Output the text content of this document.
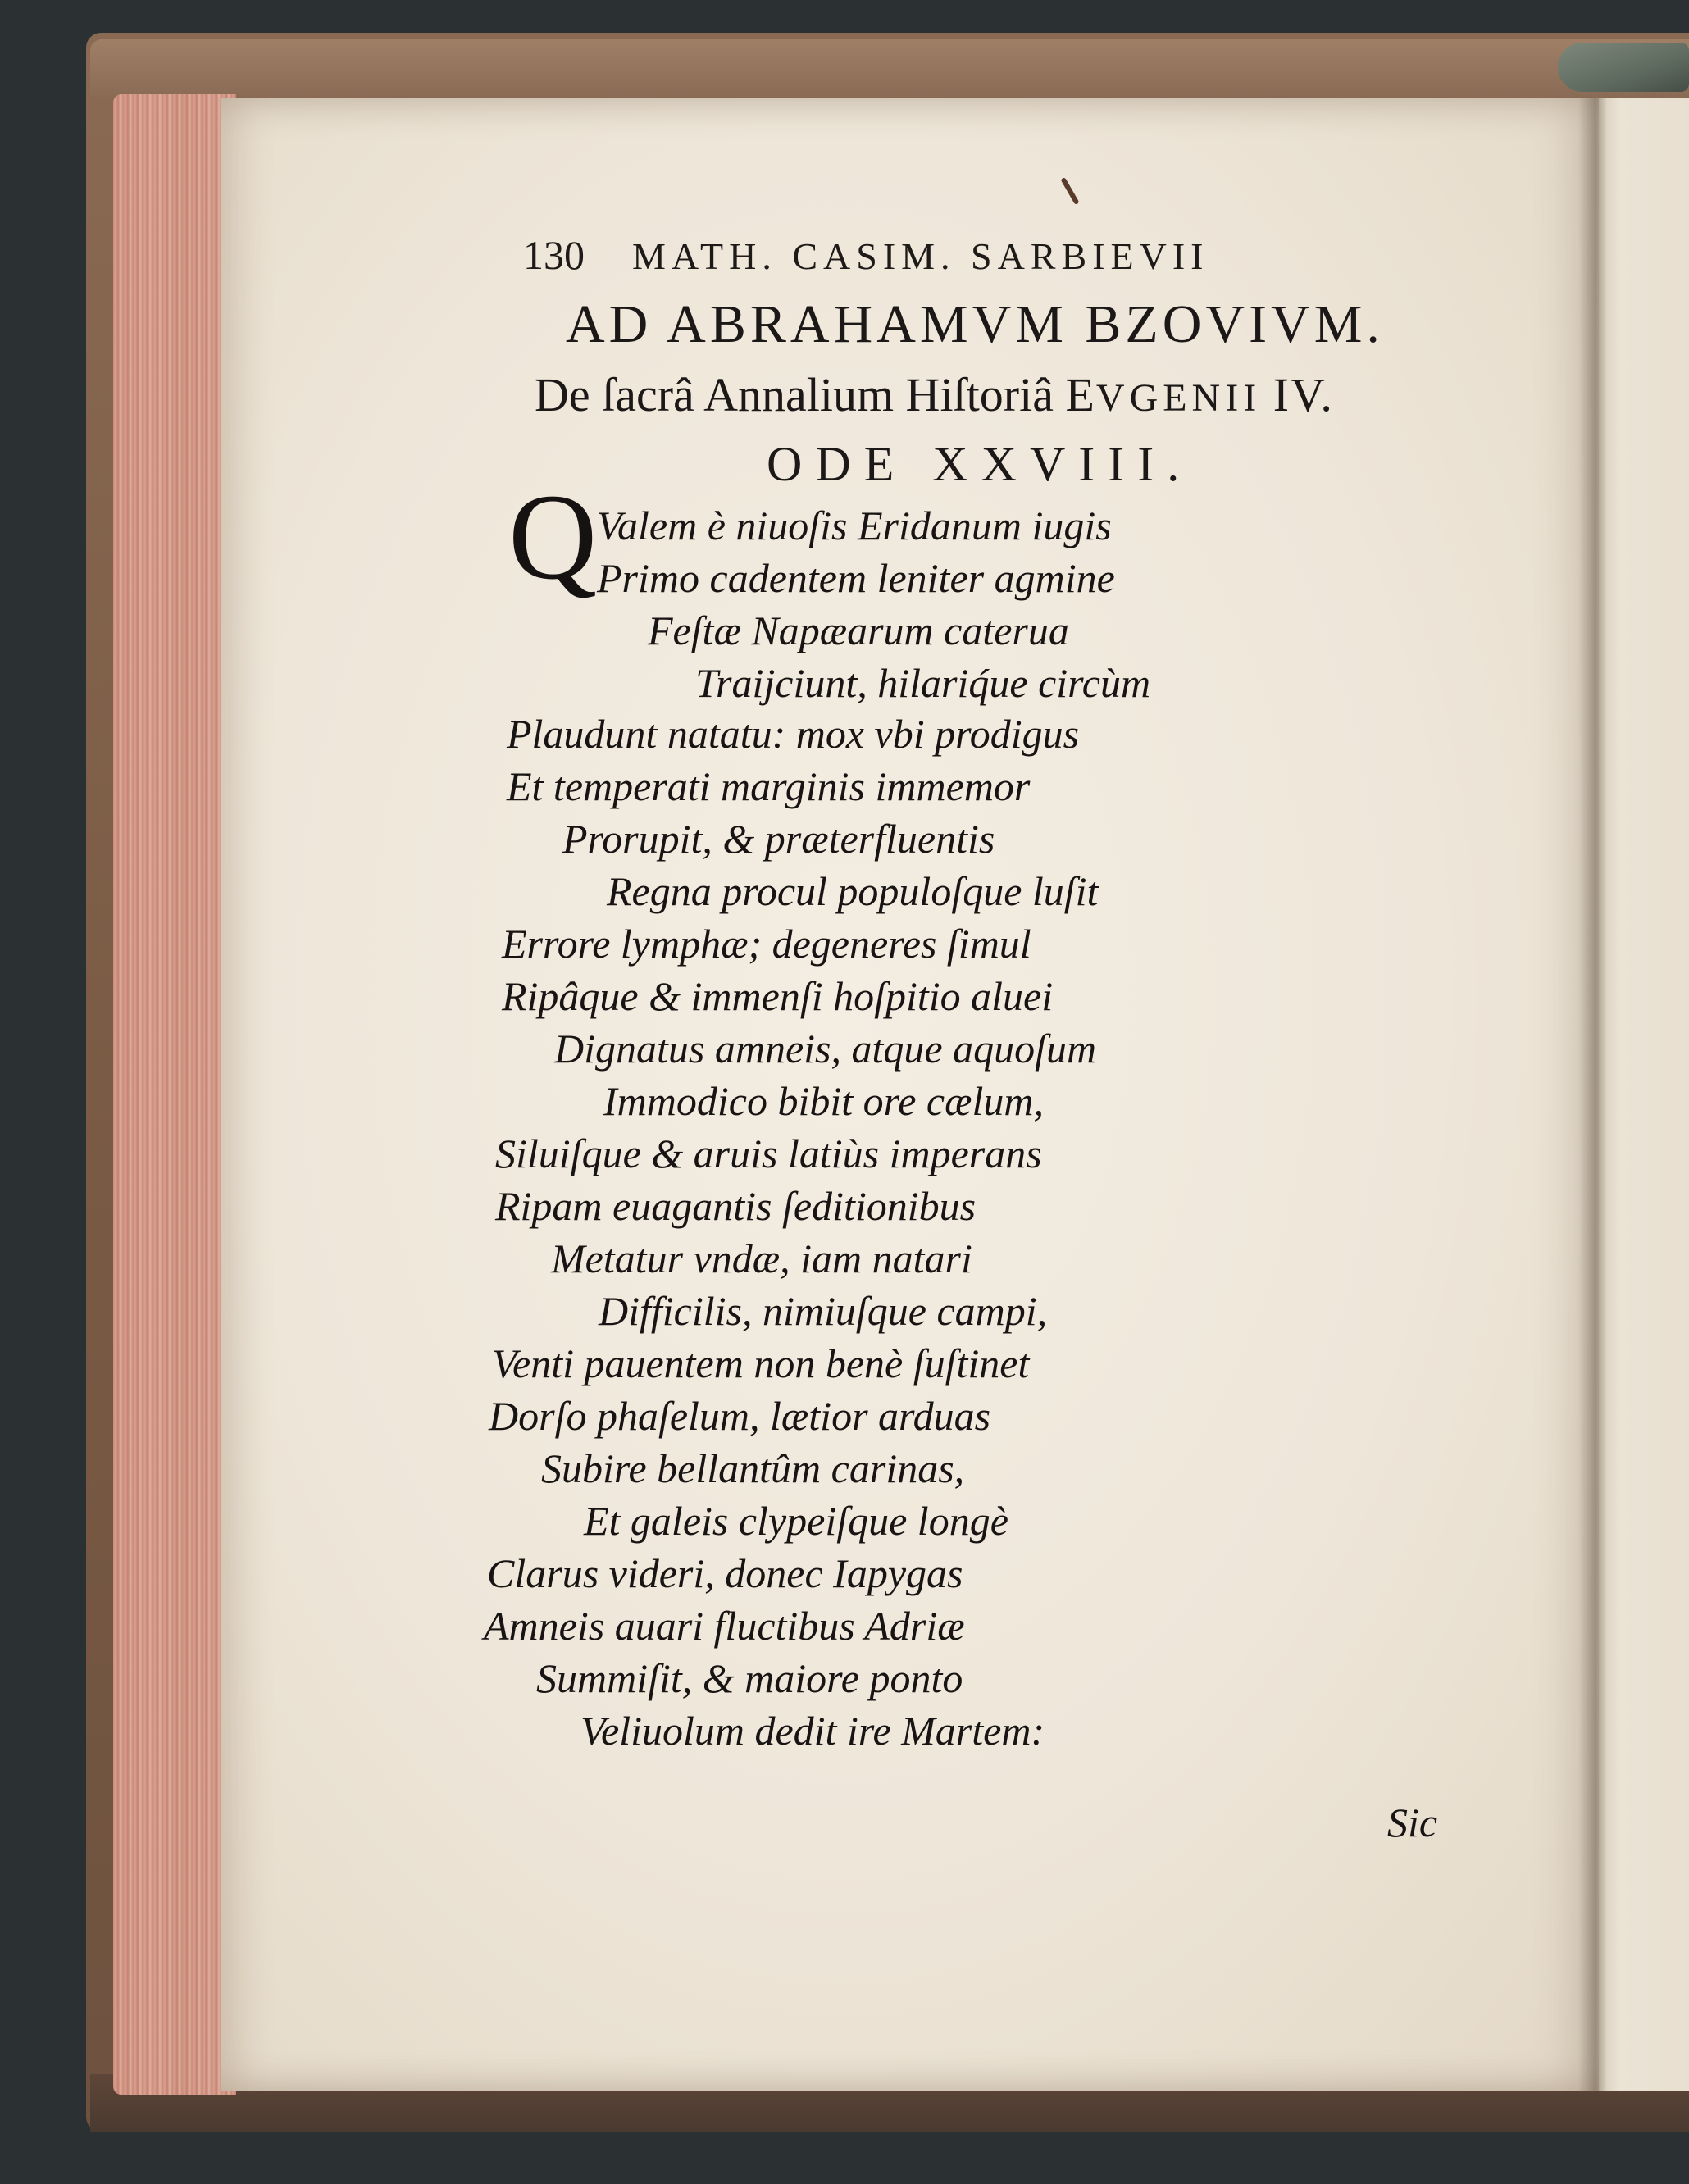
130 MATH. CASIM. SARBIEVII
AD ABRAHAMVM BZOVIVM.
De ſacrâ Annalium Hiſtoriâ EVGENII IV.
ODE XXVIII.
Q Valem è niuoſis Eridanum iugis
Primo cadentem leniter agmine
Feſtæ Napæarum caterua
Traijciunt, hilariq́ue circùm
Plaudunt natatu: mox vbi prodigus
Et temperati marginis immemor
Prorupit, & præterfluentis
Regna procul populoſque luſit
Errore lymphæ; degeneres ſimul
Ripâque & immenſi hoſpitio aluei
Dignatus amneis, atque aquoſum
Immodico bibit ore cælum,
Siluiſque & aruis latiùs imperans
Ripam euagantis ſeditionibus
Metatur vndæ, iam natari
Difficilis, nimiuſque campi,
Venti pauentem non benè ſuſtinet
Dorſo phaſelum, lætior arduas
Subire bellantûm carinas,
Et galeis clypeiſque longè
Clarus videri, donec Iapygas
Amneis auari fluctibus Adriæ
Summiſit, & maiore ponto
Veliuolum dedit ire Martem:
Sic
